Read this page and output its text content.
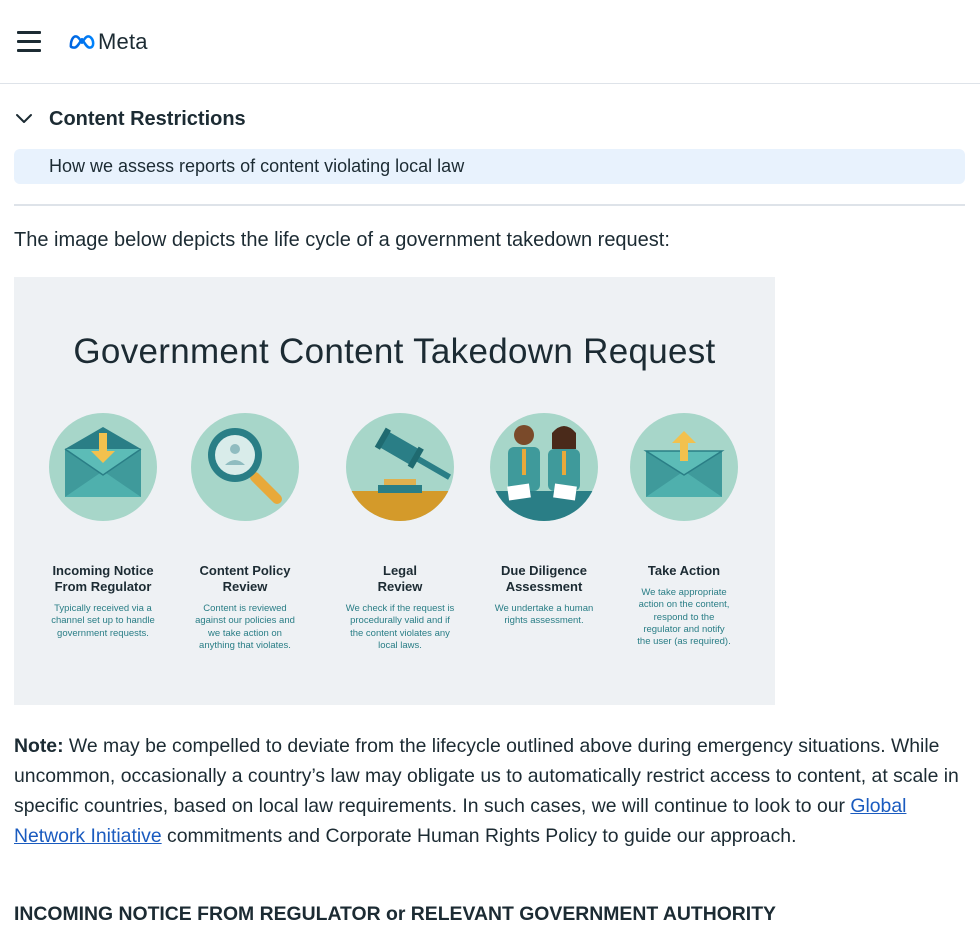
Meta
Content Restrictions
How we assess reports of content violating local law

The image below depicts the life cycle of a government takedown request:

Government Content Takedown Request
Incoming Notice
From Regulator
Typically received via a
channel set up to handle
government requests.
Content Policy
Review
Content is reviewed
against our policies and
we take action on
anything that violates.
Legal
Review
We check if the request is
procedurally valid and if
the content violates any
local laws.
Due Diligence
Assessment
We undertake a human
rights assessment.
Take Action
We take appropriate
action on the content,
respond to the
regulator and notify
the user (as required).

Note: We may be compelled to deviate from the lifecycle outlined above during emergency situations. While uncommon, occasionally a country’s law may obligate us to automatically restrict access to content, at scale in specific countries, based on local law requirements. In such cases, we will continue to look to our Global Network Initiative commitments and Corporate Human Rights Policy to guide our approach.

INCOMING NOTICE FROM REGULATOR or RELEVANT GOVERNMENT AUTHORITY
